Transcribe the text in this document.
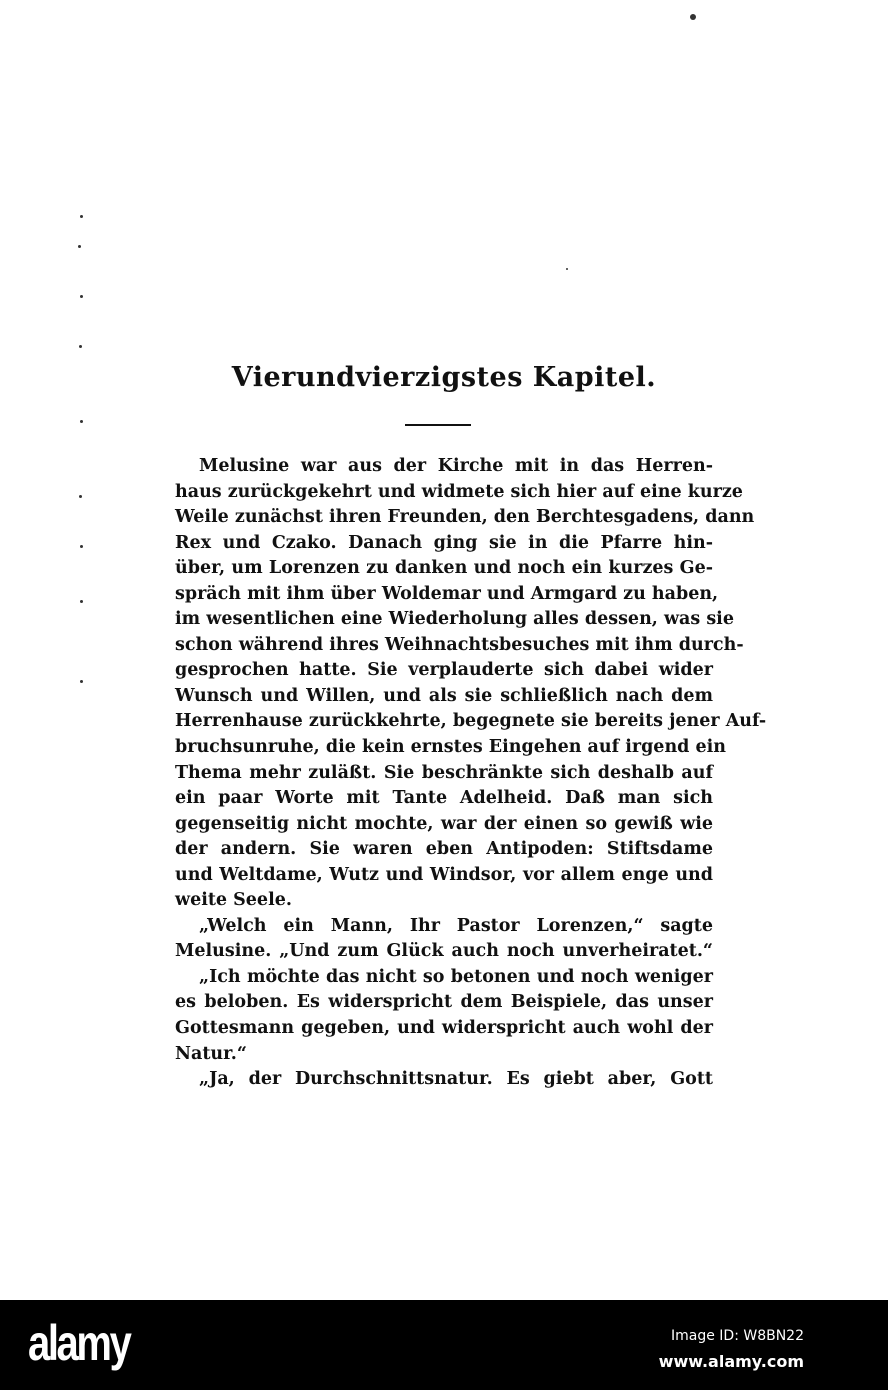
Vierundvierzigstes Kapitel.
Melusine war aus der Kirche mit in das Herren-
haus zurückgekehrt und widmete sich hier auf eine kurze
Weile zunächst ihren Freunden, den Berchtesgadens, dann
Rex und Czako. Danach ging sie in die Pfarre hin-
über, um Lorenzen zu danken und noch ein kurzes Ge-
spräch mit ihm über Woldemar und Armgard zu haben,
im wesentlichen eine Wiederholung alles dessen, was sie
schon während ihres Weihnachtsbesuches mit ihm durch-
gesprochen hatte. Sie verplauderte sich dabei wider
Wunsch und Willen, und als sie schließlich nach dem
Herrenhause zurückkehrte, begegnete sie bereits jener Auf-
bruchsunruhe, die kein ernstes Eingehen auf irgend ein
Thema mehr zuläßt. Sie beschränkte sich deshalb auf
ein paar Worte mit Tante Adelheid. Daß man sich
gegenseitig nicht mochte, war der einen so gewiß wie
der andern. Sie waren eben Antipoden: Stiftsdame
und Weltdame, Wutz und Windsor, vor allem enge und
weite Seele.
„Welch ein Mann, Ihr Pastor Lorenzen,“ sagte
Melusine. „Und zum Glück auch noch unverheiratet.“
„Ich möchte das nicht so betonen und noch weniger
es beloben. Es widerspricht dem Beispiele, das unser
Gottesmann gegeben, und widerspricht auch wohl der
Natur.“
„Ja, der Durchschnittsnatur. Es giebt aber, Gott
alamy	Image ID: W8BN22
www.alamy.com
